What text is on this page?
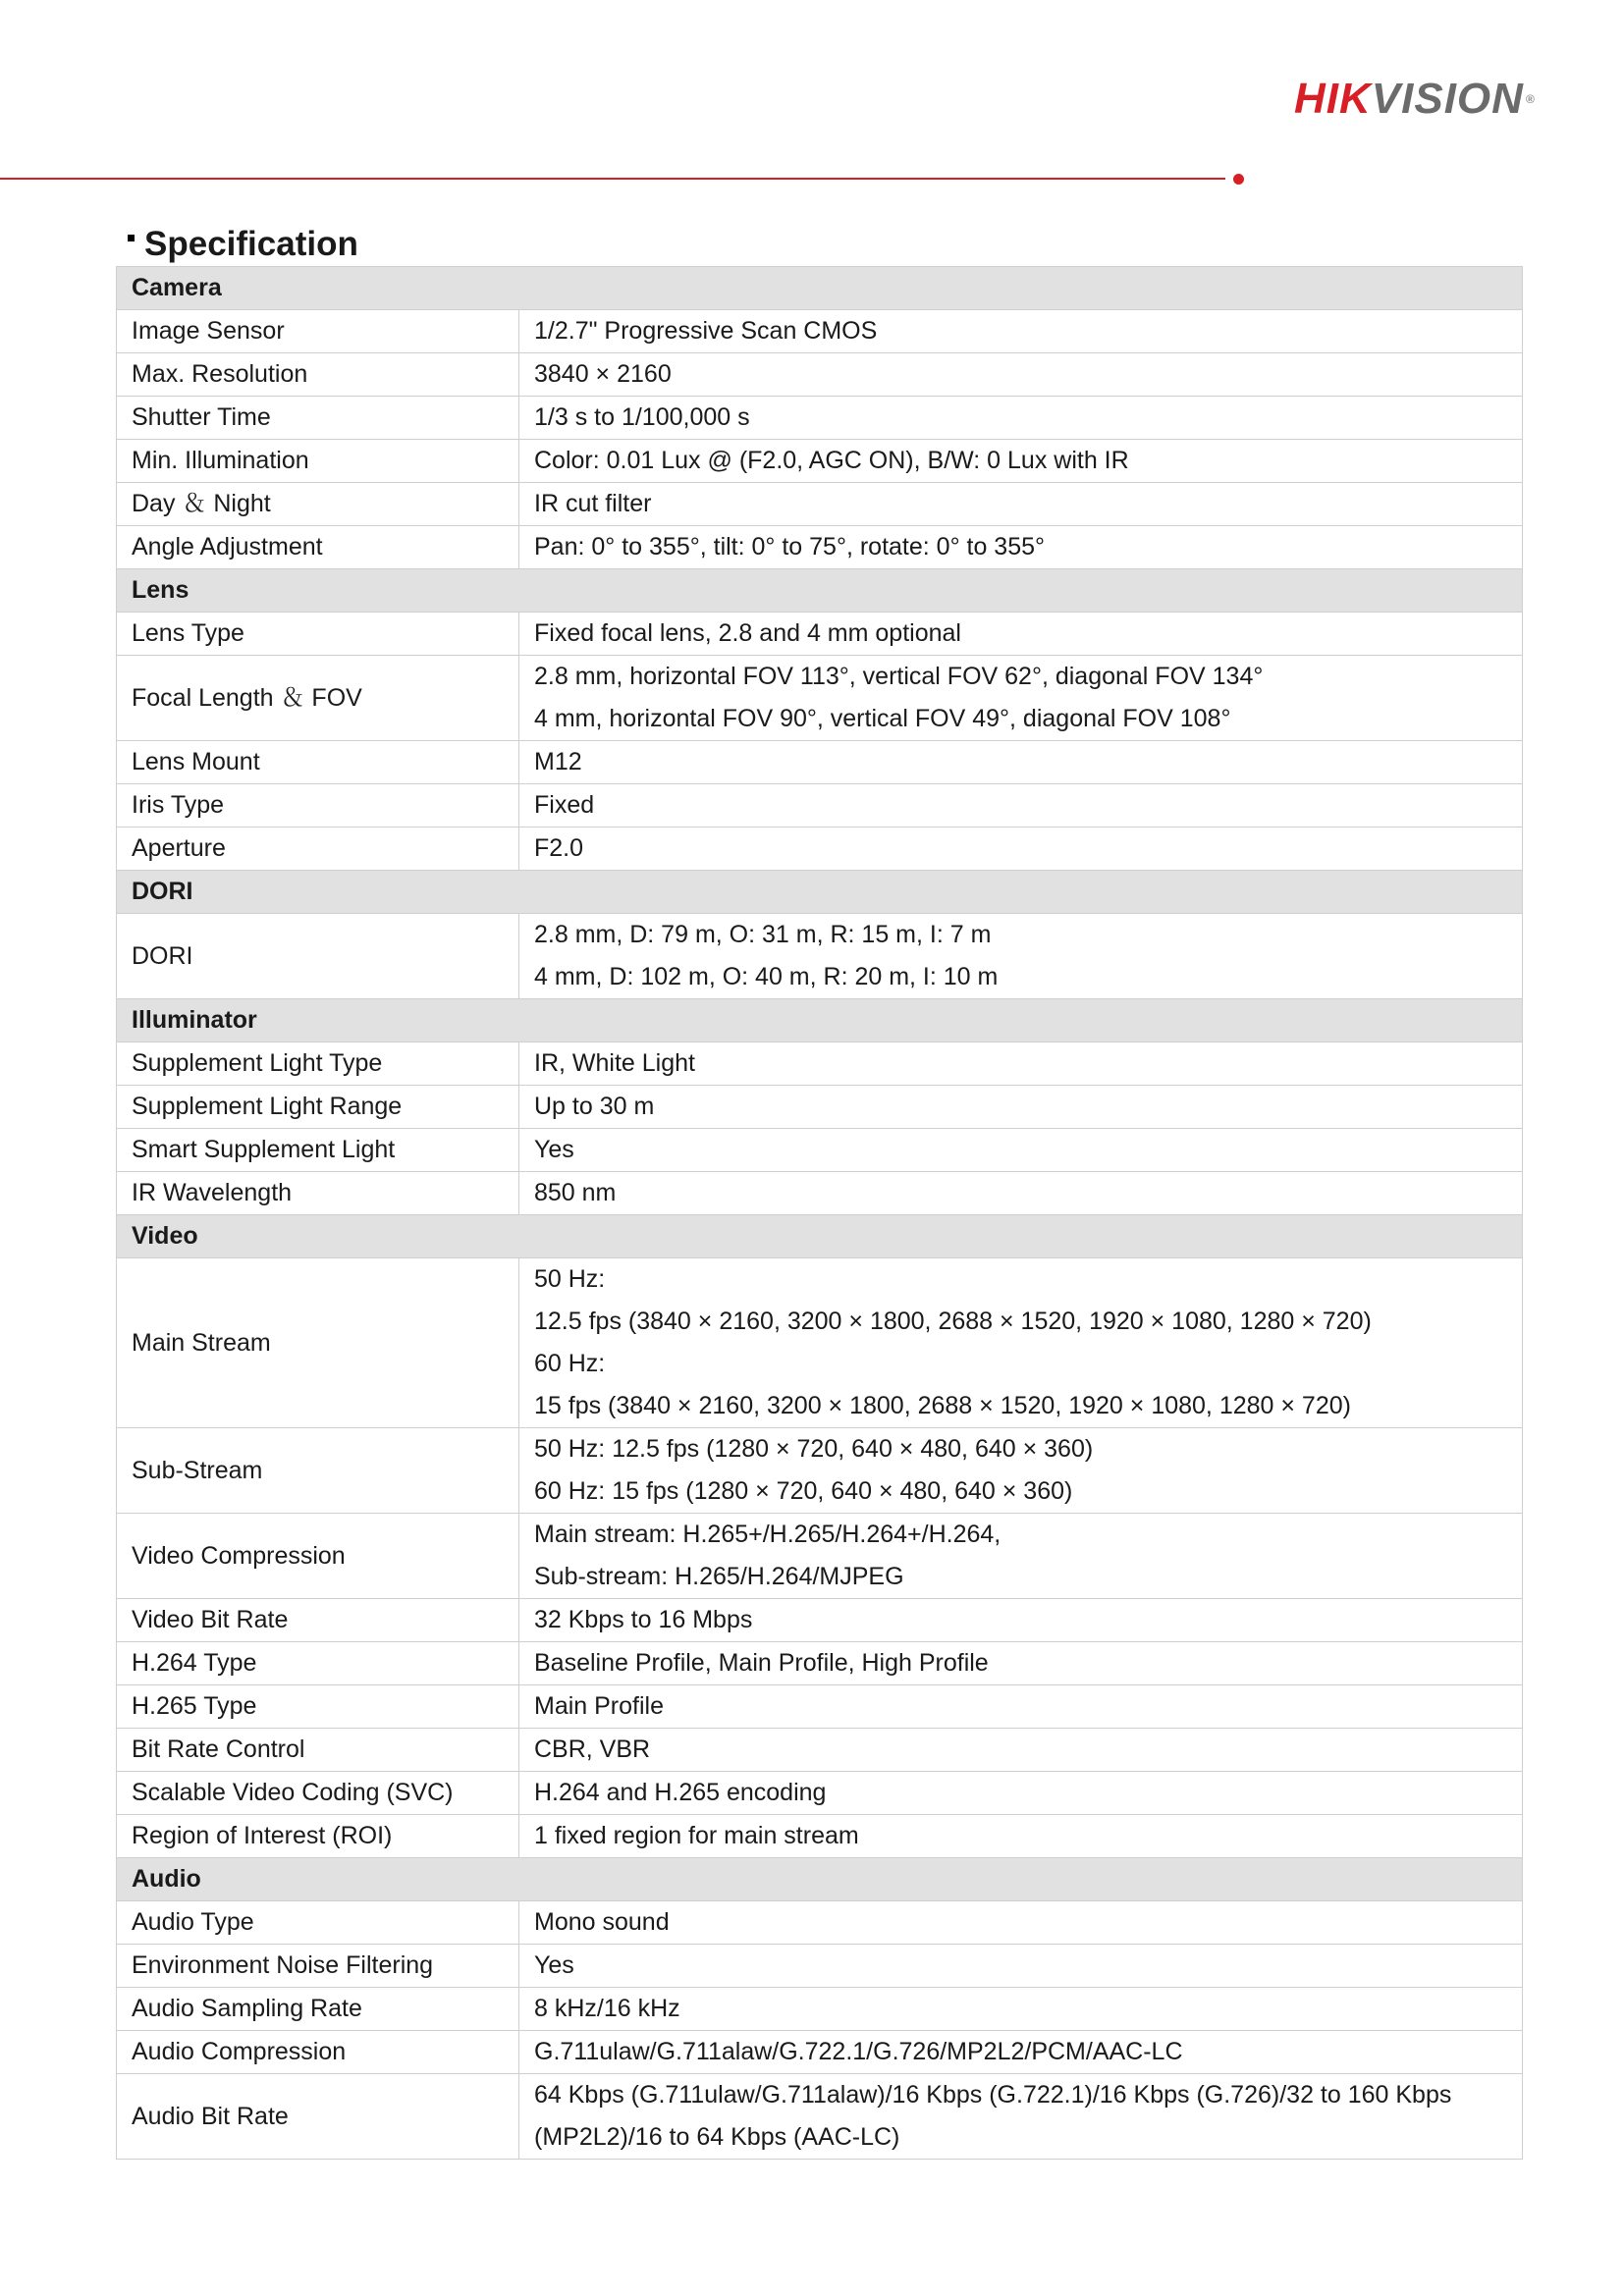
HIKVISION ®
Specification
Camera	
Image Sensor	1/2.7" Progressive Scan CMOS

Max. Resolution	3840 × 2160

Shutter Time	1/3 s to 1/100,000 s

Min. Illumination	Color: 0.01 Lux @ (F2.0, AGC ON), B/W: 0 Lux with IR

Day ＆ Night	IR cut filter

Angle Adjustment	Pan: 0° to 355°, tilt: 0° to 75°, rotate: 0° to 355°

Lens	
Lens Type	Fixed focal lens, 2.8 and 4 mm optional

Focal Length ＆ FOV	2.8 mm, horizontal FOV 113°, vertical FOV 62°, diagonal FOV 134°
4 mm, horizontal FOV 90°, vertical FOV 49°, diagonal FOV 108°

Lens Mount	M12

Iris Type	Fixed

Aperture	F2.0

DORI	
DORI	2.8 mm, D: 79 m, O: 31 m, R: 15 m, I: 7 m
4 mm, D: 102 m, O: 40 m, R: 20 m, I: 10 m

Illuminator	
Supplement Light Type	IR, White Light

Supplement Light Range	Up to 30 m

Smart Supplement Light	Yes

IR Wavelength	850 nm

Video	
Main Stream	50 Hz:
12.5 fps (3840 × 2160, 3200 × 1800, 2688 × 1520, 1920 × 1080, 1280 × 720)
60 Hz:
15 fps (3840 × 2160, 3200 × 1800, 2688 × 1520, 1920 × 1080, 1280 × 720)

Sub-Stream	50 Hz: 12.5 fps (1280 × 720, 640 × 480, 640 × 360)
60 Hz: 15 fps (1280 × 720, 640 × 480, 640 × 360)

Video Compression	Main stream: H.265+/H.265/H.264+/H.264,
Sub-stream: H.265/H.264/MJPEG

Video Bit Rate	32 Kbps to 16 Mbps

H.264 Type	Baseline Profile, Main Profile, High Profile

H.265 Type	Main Profile

Bit Rate Control	CBR, VBR

Scalable Video Coding (SVC)	H.264 and H.265 encoding

Region of Interest (ROI)	1 fixed region for main stream

Audio	
Audio Type	Mono sound

Environment Noise Filtering	Yes

Audio Sampling Rate	8 kHz/16 kHz

Audio Compression	G.711ulaw/G.711alaw/G.722.1/G.726/MP2L2/PCM/AAC-LC

Audio Bit Rate	64 Kbps (G.711ulaw/G.711alaw)/16 Kbps (G.722.1)/16 Kbps (G.726)/32 to 160 Kbps
(MP2L2)/16 to 64 Kbps (AAC-LC)
